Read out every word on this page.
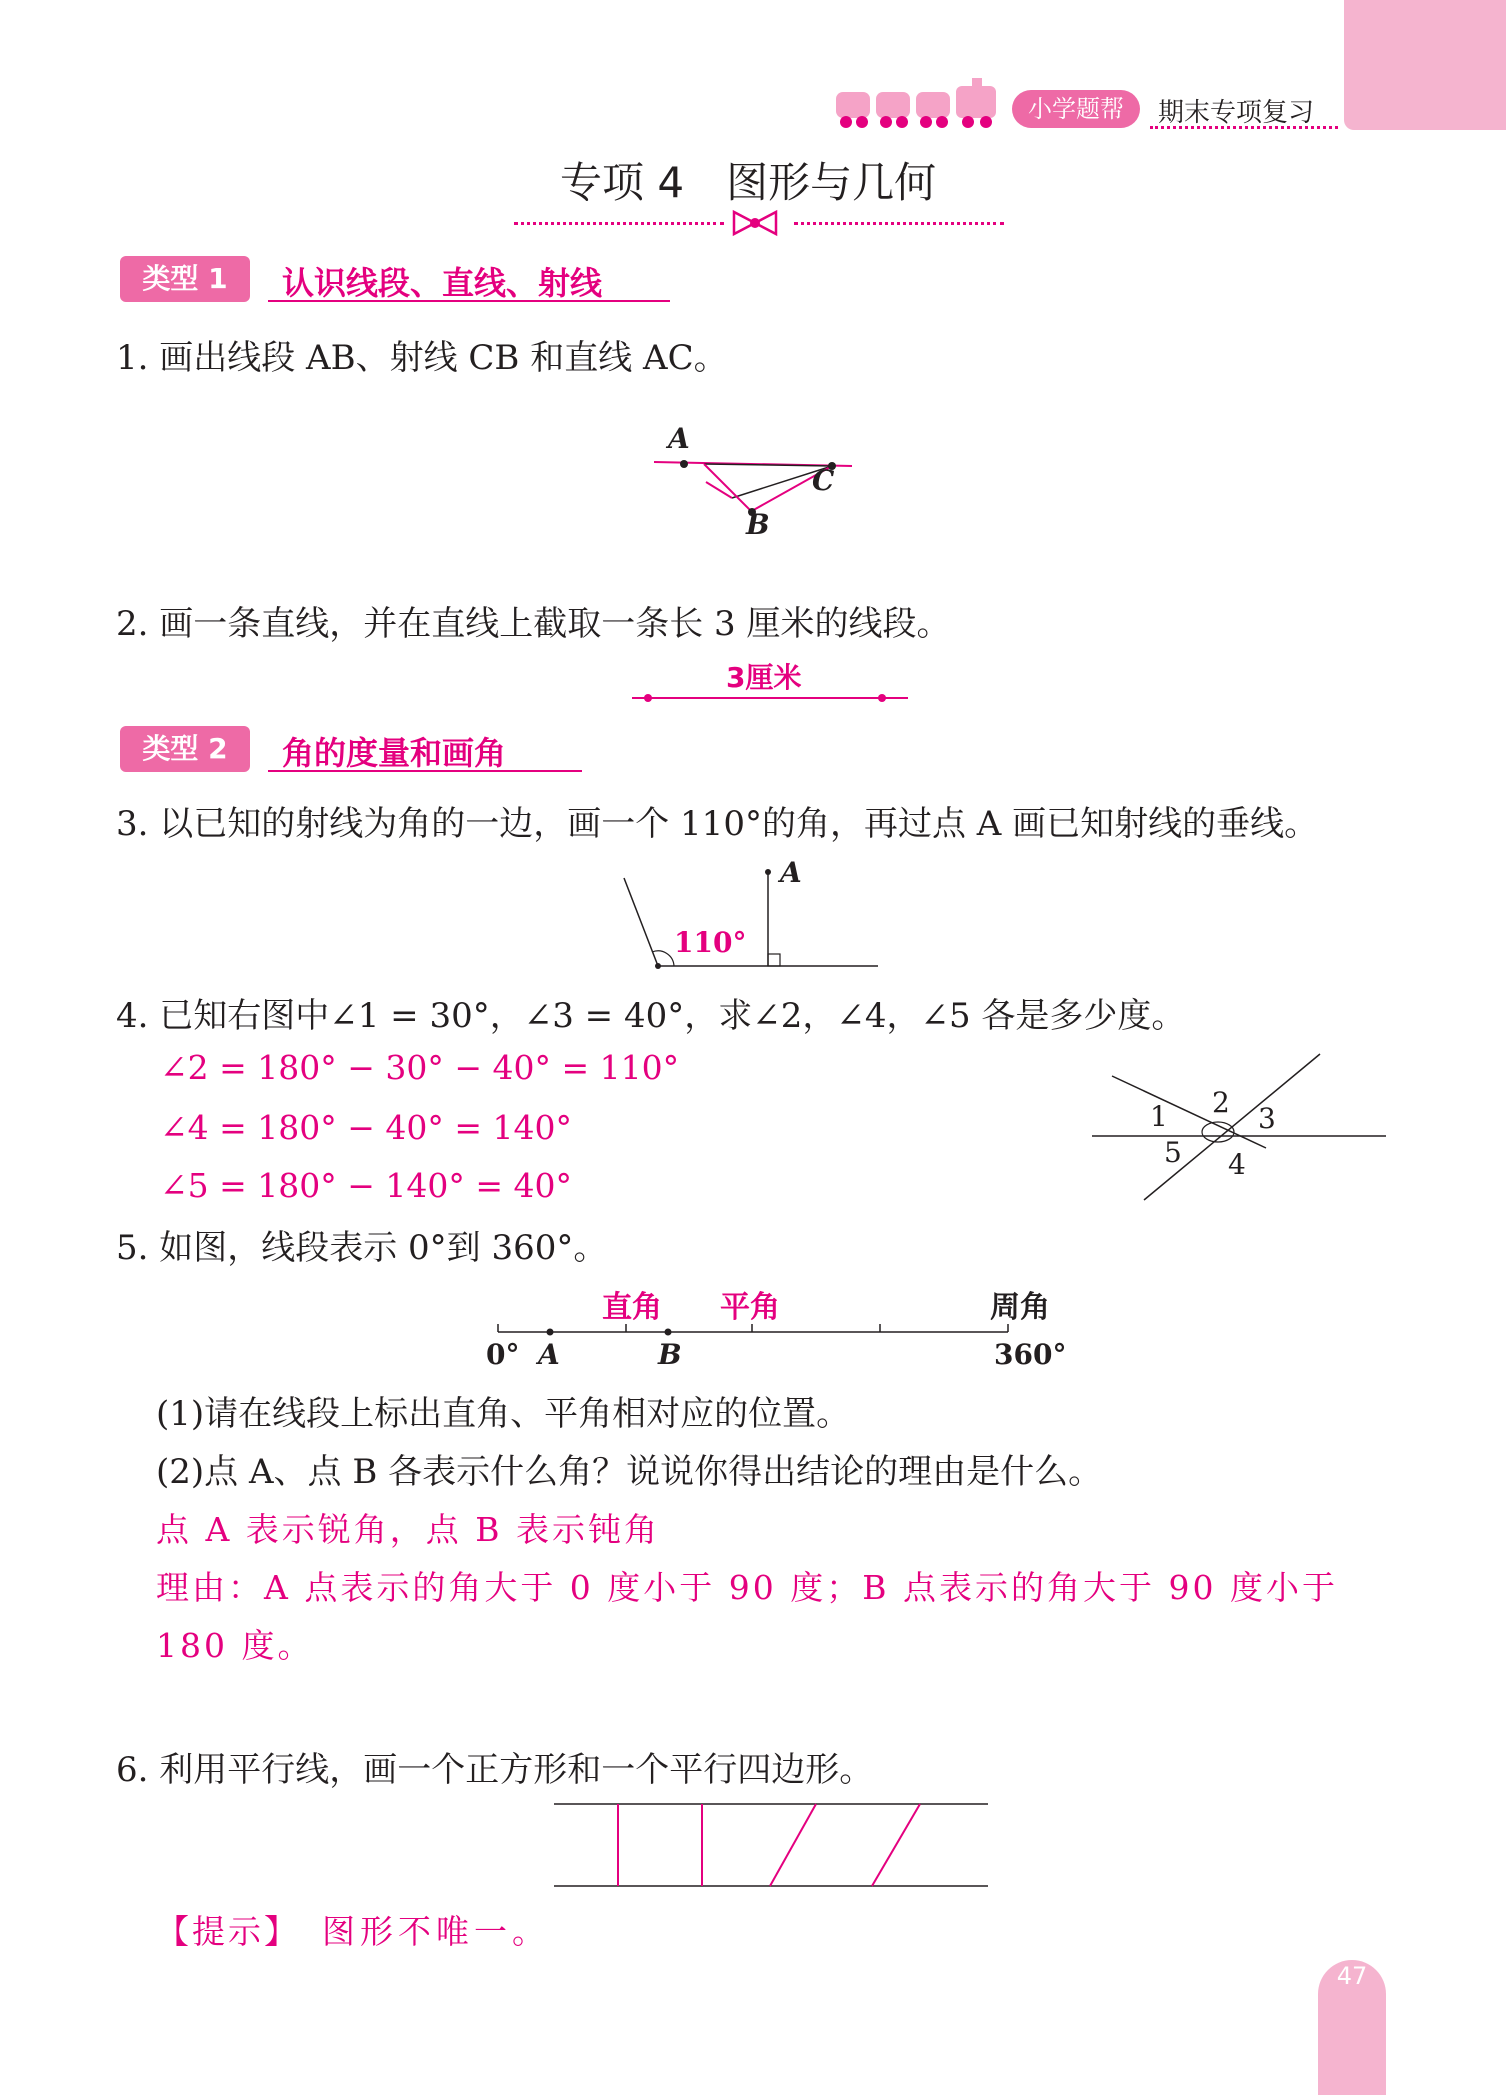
小学题帮	期末专项复习
专项 4　图形与几何
类型 1	认识线段、直线、射线
1. 画出线段 AB、射线 CB 和直线 AC。
A
C
B
2. 画一条直线，并在直线上截取一条长 3 厘米的线段。
3厘米
类型 2	角的度量和画角
3. 以已知的射线为角的一边，画一个 110°的角，再过点 A 画已知射线的垂线。
A
110°
4. 已知右图中∠1 = 30°，∠3 = 40°，求∠2，∠4，∠5 各是多少度。
∠2 = 180° − 30° − 40° = 110°
∠4 = 180° − 40° = 140°
∠5 = 180° − 140° = 40°
1 2 3
4
5
5. 如图，线段表示 0°到 360°。
直角 平角	周角
0° A	B	360°
(1)请在线段上标出直角、平角相对应的位置。
(2)点 A、点 B 各表示什么角？说说你得出结论的理由是什么。
点 A 表示锐角，点 B 表示钝角
理由：A 点表示的角大于 0 度小于 90 度；B 点表示的角大于 90 度小于
180 度。
6. 利用平行线，画一个正方形和一个平行四边形。
【提示】 图形不唯一。
47
